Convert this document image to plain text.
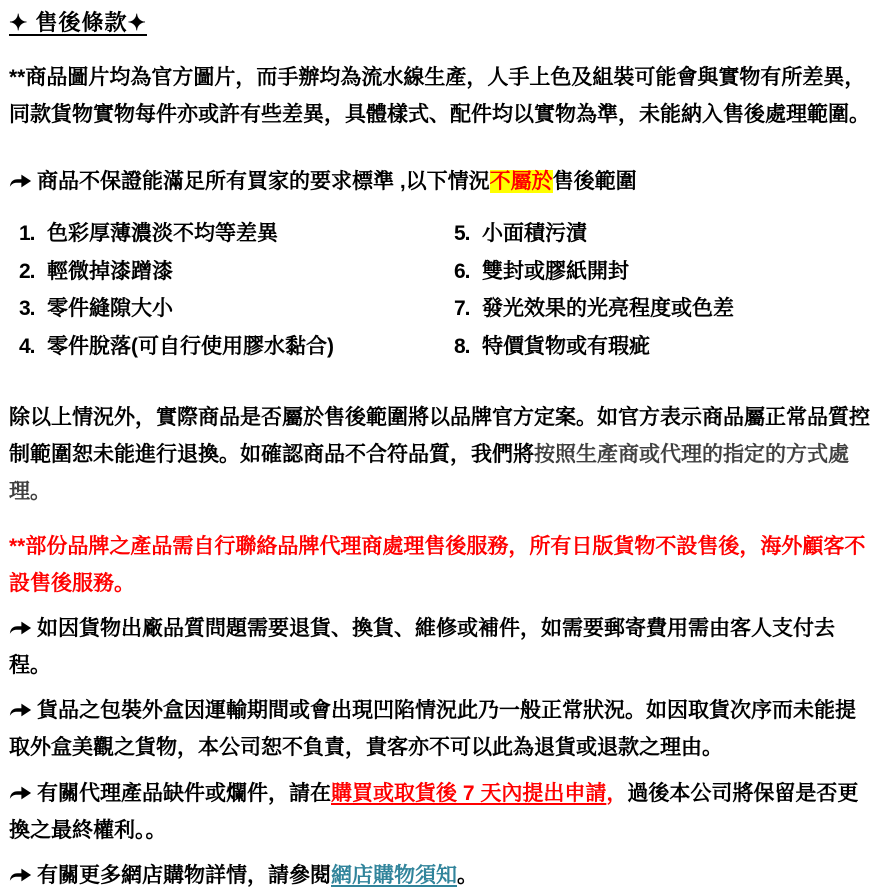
✦ 售後條款✦

**商品圖片均為官方圖片，而手辦均為流水線生產，人手上色及組裝可能會與實物有所差異，同款貨物實物每件亦或許有些差異，具體樣式、配件均以實物為準，未能納入售後處理範圍。

商品不保證能滿足所有買家的要求標準 ,以下情況不屬於售後範圍
1. 色彩厚薄濃淡不均等差異
2. 輕微掉漆蹭漆
3. 零件縫隙大小
4. 零件脫落(可自行使用膠水黏合)
5. 小面積污漬
6. 雙封或膠紙開封
7. 發光效果的光亮程度或色差
8. 特價貨物或有瑕疵

除以上情況外，實際商品是否屬於售後範圍將以品牌官方定案。如官方表示商品屬正常品質控制範圍恕未能進行退換。如確認商品不合符品質，我們將按照生產商或代理的指定的方式處理。

**部份品牌之產品需自行聯絡品牌代理商處理售後服務，所有日版貨物不設售後，海外顧客不設售後服務。

如因貨物出廠品質問題需要退貨、換貨、維修或補件，如需要郵寄費用需由客人支付去程。
貨品之包裝外盒因運輸期間或會出現凹陷情況此乃一般正常狀況。如因取貨次序而未能提取外盒美觀之貨物，本公司恕不負責，貴客亦不可以此為退貨或退款之理由。
有關代理產品缺件或爛件，請在購買或取貨後 7 天內提出申請，過後本公司將保留是否更換之最終權利。。
有關更多網店購物詳情，請參閱網店購物須知。
